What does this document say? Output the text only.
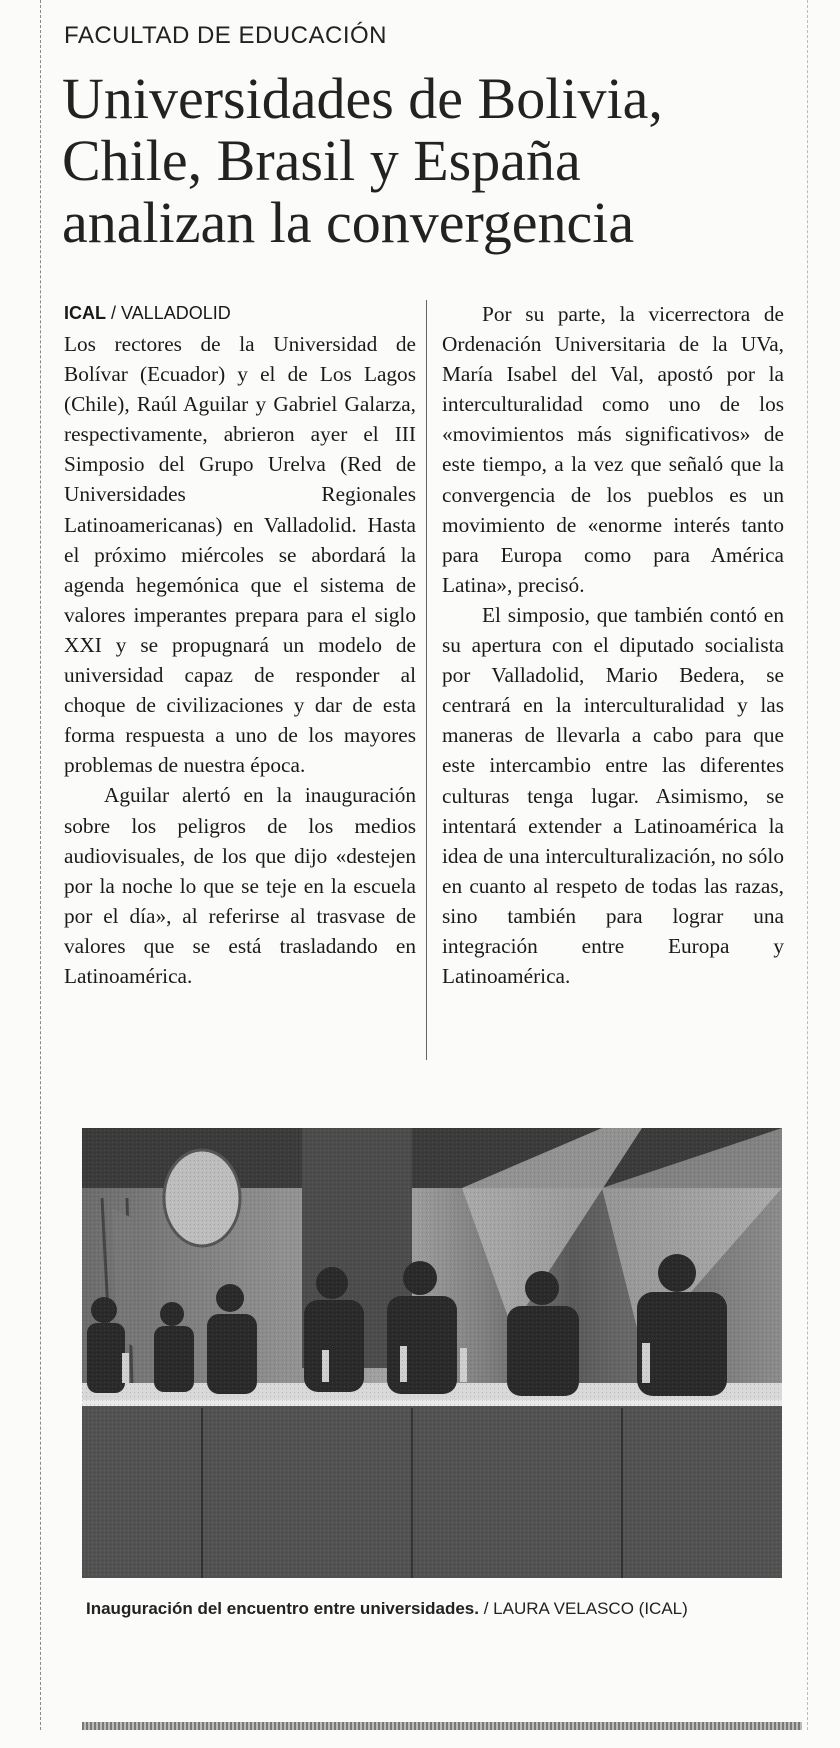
FACULTAD DE EDUCACIÓN
Universidades de Bolivia,
Chile, Brasil y España
analizan la convergencia
ICAL / VALLADOLID

Los rectores de la Universidad de Bolívar (Ecuador) y el de Los Lagos (Chile), Raúl Aguilar y Gabriel Galarza, respectivamente, abrieron ayer el III Simposio del Grupo Urelva (Red de Universidades Regionales Latinoamericanas) en Valladolid. Hasta el próximo miércoles se abordará la agenda hegemónica que el sistema de valores imperantes prepara para el siglo XXI y se propugnará un modelo de universidad capaz de responder al choque de civilizaciones y dar de esta forma respuesta a uno de los mayores problemas de nuestra época.

Aguilar alertó en la inauguración sobre los peligros de los medios audiovisuales, de los que dijo «destejen por la noche lo que se teje en la escuela por el día», al referirse al trasvase de valores que se está trasladando en Latinoamérica.

Por su parte, la vicerrectora de Ordenación Universitaria de la UVa, María Isabel del Val, apostó por la interculturalidad como uno de los «movimientos más significativos» de este tiempo, a la vez que señaló que la convergencia de los pueblos es un movimiento de «enorme interés tanto para Europa como para América Latina», precisó.

El simposio, que también contó en su apertura con el diputado socialista por Valladolid, Mario Bedera, se centrará en la interculturalidad y las maneras de llevarla a cabo para que este intercambio entre las diferentes culturas tenga lugar. Asimismo, se intentará extender a Latinoamérica la idea de una interculturalización, no sólo en cuanto al respeto de todas las razas, sino también para lograr una integración entre Europa y Latinoamérica.

Inauguración del encuentro entre universidades. / LAURA VELASCO (ICAL)
